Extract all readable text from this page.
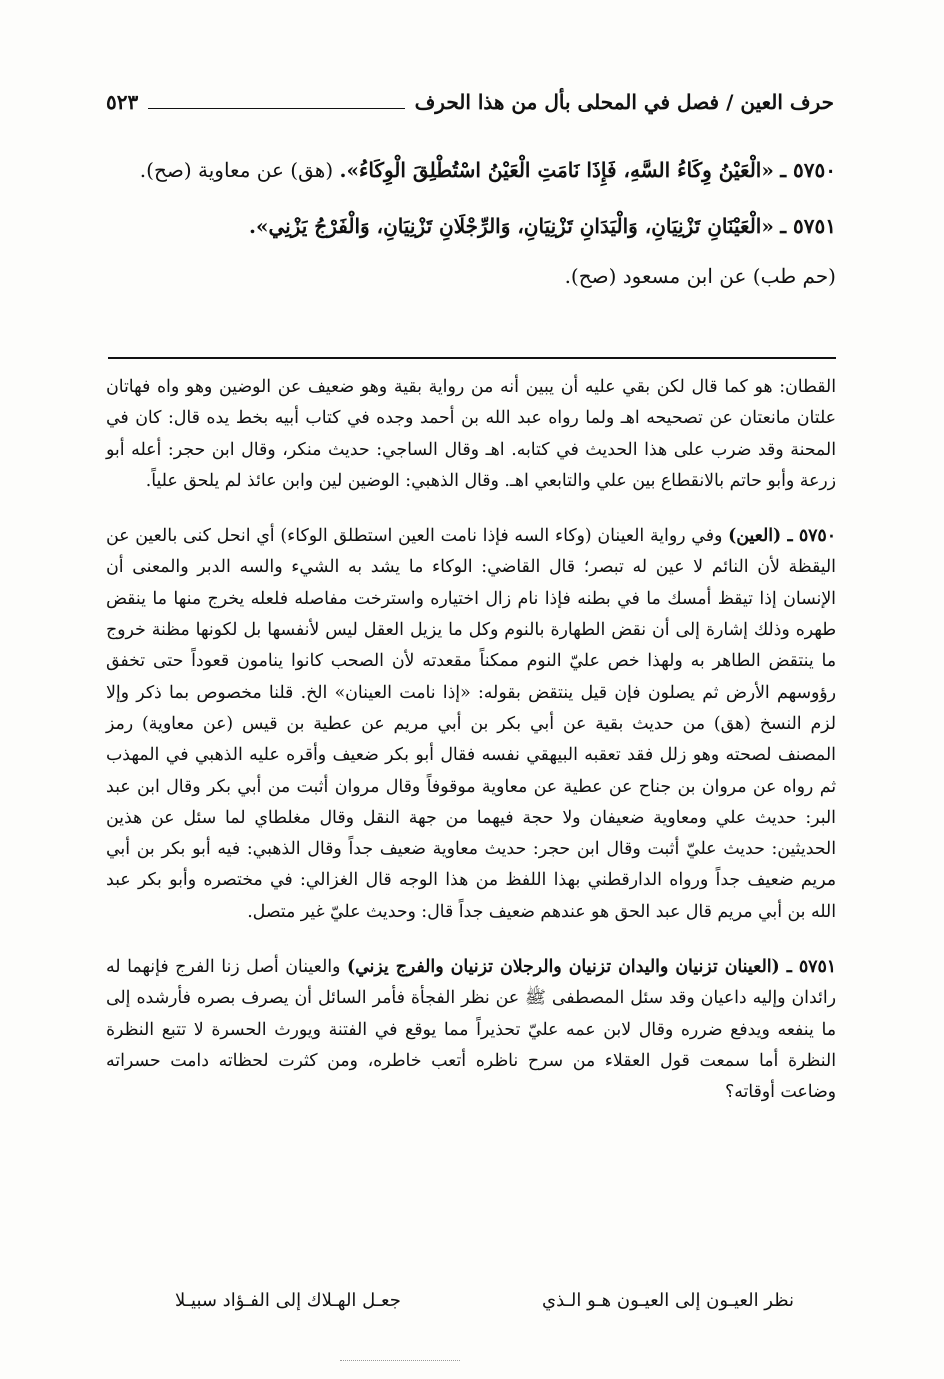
حرف العين / فصل في المحلى بأل من هذا الحرف
٥٢٣

٥٧٥٠ ـ «الْعَيْنُ وِكَاءُ السَّهِ، فَإِذَا نَامَتِ الْعَيْنُ اسْتُطْلِقَ الْوِكَاءُ». (هق) عن معاوية (صح).

٥٧٥١ ـ «الْعَيْنَانِ تَزْنِيَانِ، وَالْيَدَانِ تَزْنِيَانِ، وَالرِّجْلَانِ تَزْنِيَانِ، وَالْفَرْجُ يَزْنِي».
(حم طب) عن ابن مسعود (صح).

القطان: هو كما قال لكن بقي عليه أن يبين أنه من رواية بقية وهو ضعيف عن الوضين وهو واه فهاتان علتان مانعتان عن تصحيحه اهـ ولما رواه عبد الله بن أحمد وجده في كتاب أبيه بخط يده قال: كان في المحنة وقد ضرب على هذا الحديث في كتابه. اهـ وقال الساجي: حديث منكر، وقال ابن حجر: أعله أبو زرعة وأبو حاتم بالانقطاع بين علي والتابعي اهـ. وقال الذهبي: الوضين لين وابن عائذ لم يلحق علياً.

٥٧٥٠ ـ (العين) وفي رواية العينان (وكاء السه فإذا نامت العين استطلق الوكاء) أي انحل كنى بالعين عن اليقظة لأن النائم لا عين له تبصر؛ قال القاضي: الوكاء ما يشد به الشيء والسه الدبر والمعنى أن الإنسان إذا تيقظ أمسك ما في بطنه فإذا نام زال اختياره واسترخت مفاصله فلعله يخرج منها ما ينقض طهره وذلك إشارة إلى أن نقض الطهارة بالنوم وكل ما يزيل العقل ليس لأنفسها بل لكونها مظنة خروج ما ينتقض الطاهر به ولهذا خص عليّ النوم ممكناً مقعدته لأن الصحب كانوا ينامون قعوداً حتى تخفق رؤوسهم الأرض ثم يصلون فإن قيل ينتقض بقوله: «إذا نامت العينان» الخ. قلنا مخصوص بما ذكر وإلا لزم النسخ (هق) من حديث بقية عن أبي بكر بن أبي مريم عن عطية بن قيس (عن معاوية) رمز المصنف لصحته وهو زلل فقد تعقبه البيهقي نفسه فقال أبو بكر ضعيف وأقره عليه الذهبي في المهذب ثم رواه عن مروان بن جناح عن عطية عن معاوية موقوفاً وقال مروان أثبت من أبي بكر وقال ابن عبد البر: حديث علي ومعاوية ضعيفان ولا حجة فيهما من جهة النقل وقال مغلطاي لما سئل عن هذين الحديثين: حديث عليّ أثبت وقال ابن حجر: حديث معاوية ضعيف جداً وقال الذهبي: فيه أبو بكر بن أبي مريم ضعيف جداً ورواه الدارقطني بهذا اللفظ من هذا الوجه قال الغزالي: في مختصره وأبو بكر عبد الله بن أبي مريم قال عبد الحق هو عندهم ضعيف جداً قال: وحديث عليّ غير متصل.

٥٧٥١ ـ (العينان تزنيان واليدان تزنيان والرجلان تزنيان والفرج يزني) والعينان أصل زنا الفرج فإنهما له رائدان وإليه داعيان وقد سئل المصطفى ﷺ عن نظر الفجأة فأمر السائل أن يصرف بصره فأرشده إلى ما ينفعه ويدفع ضرره وقال لابن عمه عليّ تحذيراً مما يوقع في الفتنة ويورث الحسرة لا تتبع النظرة النظرة أما سمعت قول العقلاء من سرح ناظره أتعب خاطره، ومن كثرت لحظاته دامت حسراته وضاعت أوقاته؟

نظر العيـون إلى العيـون هـو الـذي
جعـل الهـلاك إلى الفـؤاد سبيـلا
